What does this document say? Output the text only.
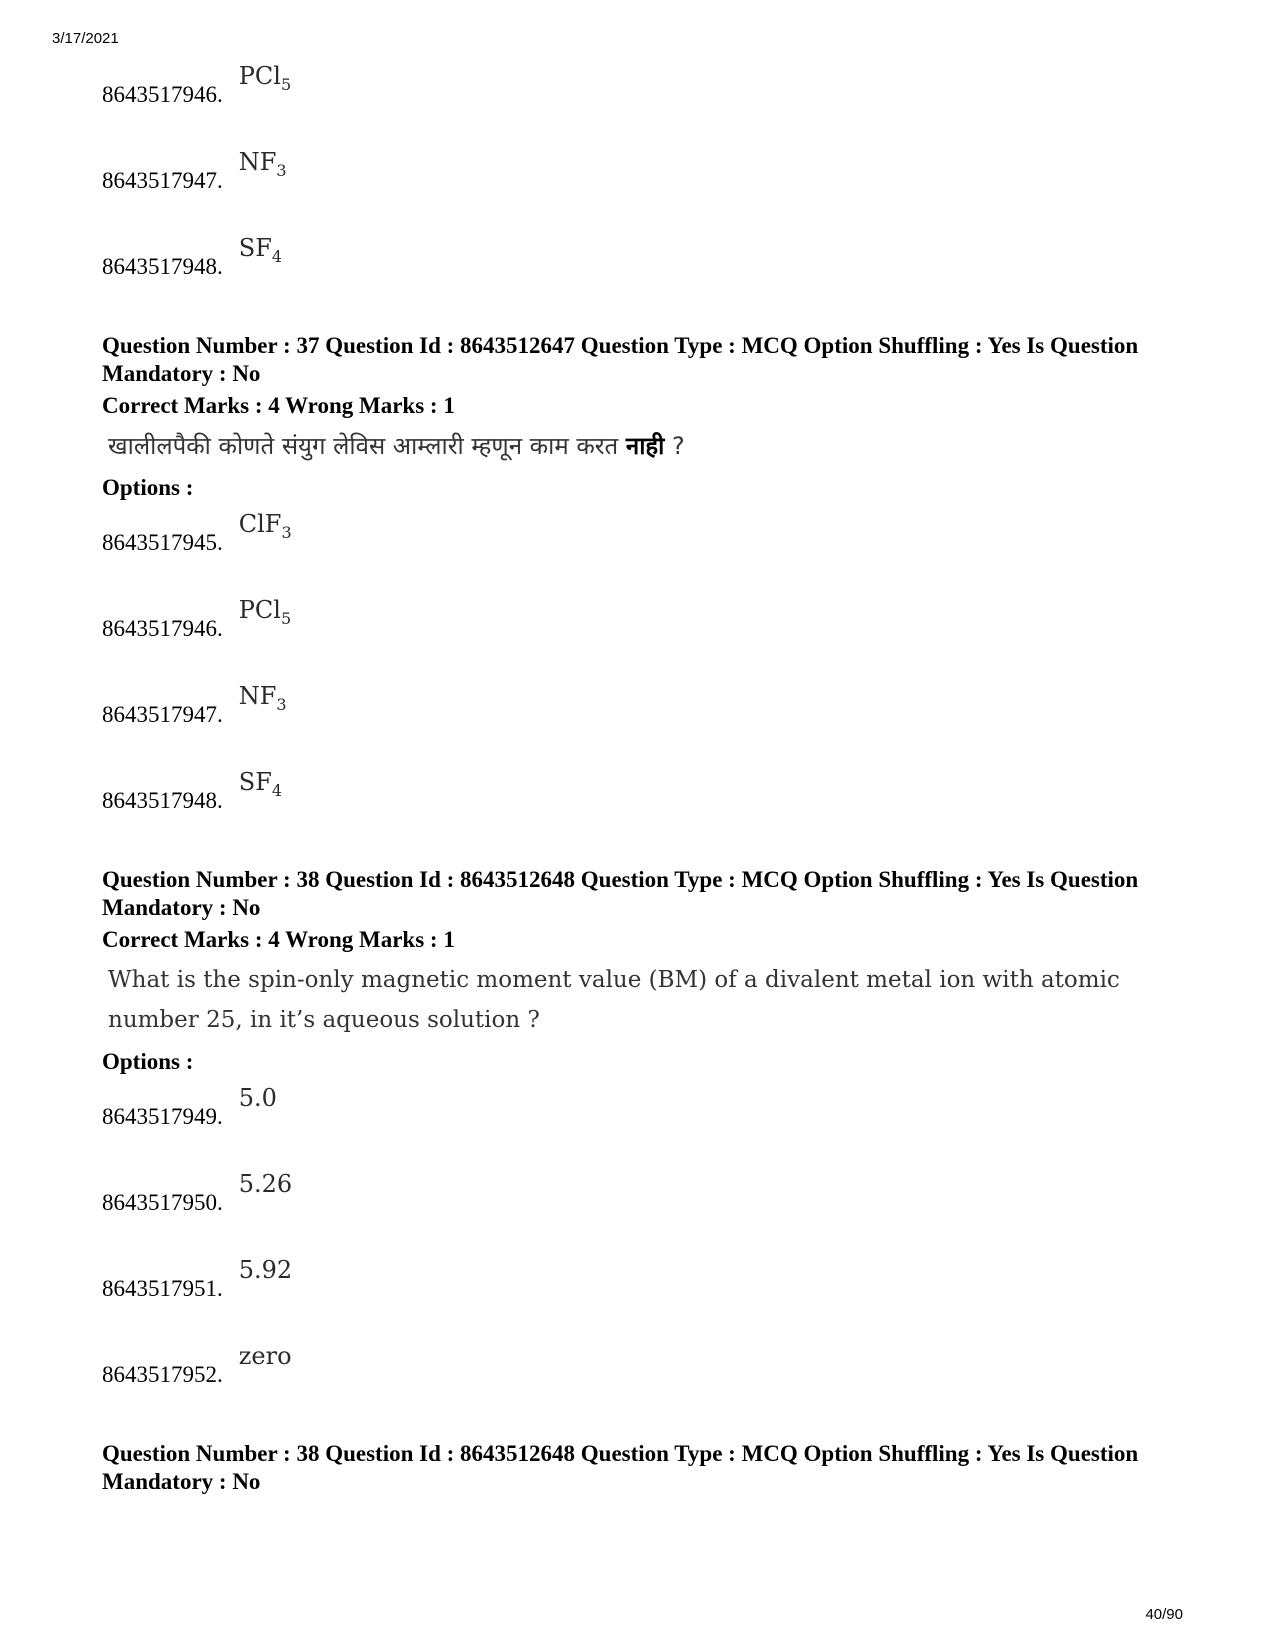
3/17/2021
8643517946.
PCl$_5$
8643517947.
$NF_3$
8643517948.
$SF_4$
Question Number : 37 Question Id : 8643512647 Question Type : MCQ Option Shuffling : Yes Is Question Mandatory : No
Correct Marks : 4 Wrong Marks : 1
खालीलपैकी कोणते संयुग लेविस आम्लारी म्हणून काम करत नाही ?
Options :
8643517945.
ClF$_3$
8643517946.
PCl$_5$
8643517947.
$NF_3$
8643517948.
$SF_4$
Question Number : 38 Question Id : 8643512648 Question Type : MCQ Option Shuffling : Yes Is Question Mandatory : No
Correct Marks : 4 Wrong Marks : 1
What is the spin-only magnetic moment value (BM) of a divalent metal ion with atomic number 25, in it’s aqueous solution ?
Options :
8643517949.
5.0
8643517950.
5.26
8643517951.
5.92
8643517952.
zero
Question Number : 38 Question Id : 8643512648 Question Type : MCQ Option Shuffling : Yes Is Question Mandatory : No
40/90
